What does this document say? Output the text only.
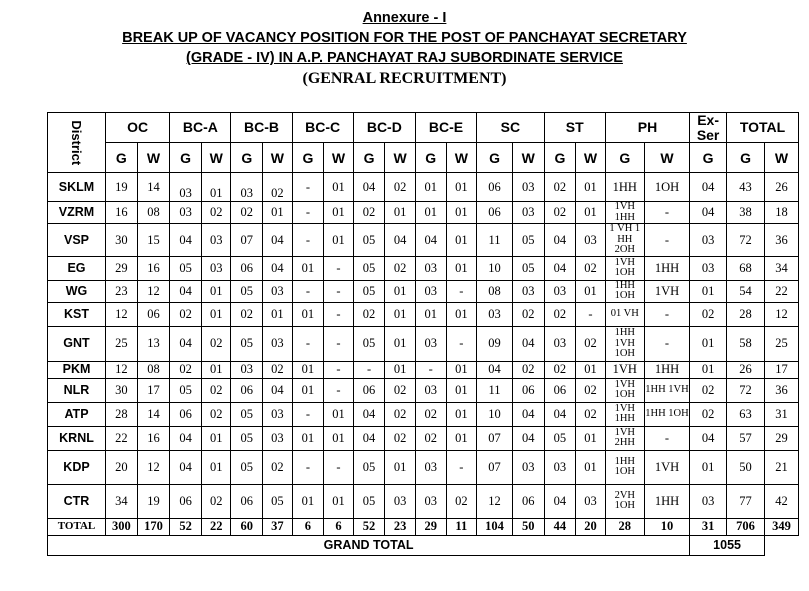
Annexure - I
BREAK UP OF VACANCY POSITION FOR THE POST OF PANCHAYAT SECRETARY
(GRADE - IV) IN A.P. PANCHAYAT RAJ SUBORDINATE SERVICE
(GENRAL RECRUITMENT)
District	OC		BC-A		BC-B		BC-C		BC-D		BC-E		SC		ST		PH		Ex-Ser	TOTAL	
	G	W	G	W	G	W	G	W	G	W	G	W	G	W	G	W	G	W	G	G	W
SKLM	19	14	03	01	03	02	-	01	04	02	01	01	06	03	02	01	1HH	1OH	04	43	26
VZRM	16	08	03	02	02	01	-	01	02	01	01	01	06	03	02	01	1VH 1HH	-	04	38	18
VSP	30	15	04	03	07	04	-	01	05	04	04	01	11	05	04	03	1 VH 1 HH 2OH	-	03	72	36
EG	29	16	05	03	06	04	01	-	05	02	03	01	10	05	04	02	1VH 1OH	1HH	03	68	34
WG	23	12	04	01	05	03	-	-	05	01	03	-	08	03	03	01	1HH 1OH	1VH	01	54	22
KST	12	06	02	01	02	01	01	-	02	01	01	01	03	02	02	-	01 VH	-	02	28	12
GNT	25	13	04	02	05	03	-	-	05	01	03	-	09	04	03	02	1HH 1VH 1OH	-	01	58	25
PKM	12	08	02	01	03	02	01	-	-	01	-	01	04	02	02	01	1VH	1HH	01	26	17
NLR	30	17	05	02	06	04	01	-	06	02	03	01	11	06	06	02	1VH 1OH	1HH 1VH	02	72	36
ATP	28	14	06	02	05	03	-	01	04	02	02	01	10	04	04	02	1VH 1HH	1HH 1OH	02	63	31
KRNL	22	16	04	01	05	03	01	01	04	02	02	01	07	04	05	01	1VH 2HH	-	04	57	29
KDP	20	12	04	01	05	02	-	-	05	01	03	-	07	03	03	01	1HH 1OH	1VH	01	50	21
CTR	34	19	06	02	06	05	01	01	05	03	03	02	12	06	04	03	2VH 1OH	1HH	03	77	42
TOTAL	300	170	52	22	60	37	6	6	52	23	29	11	104	50	44	20	28	10	31	706	349
GRAND TOTAL																			1055		
